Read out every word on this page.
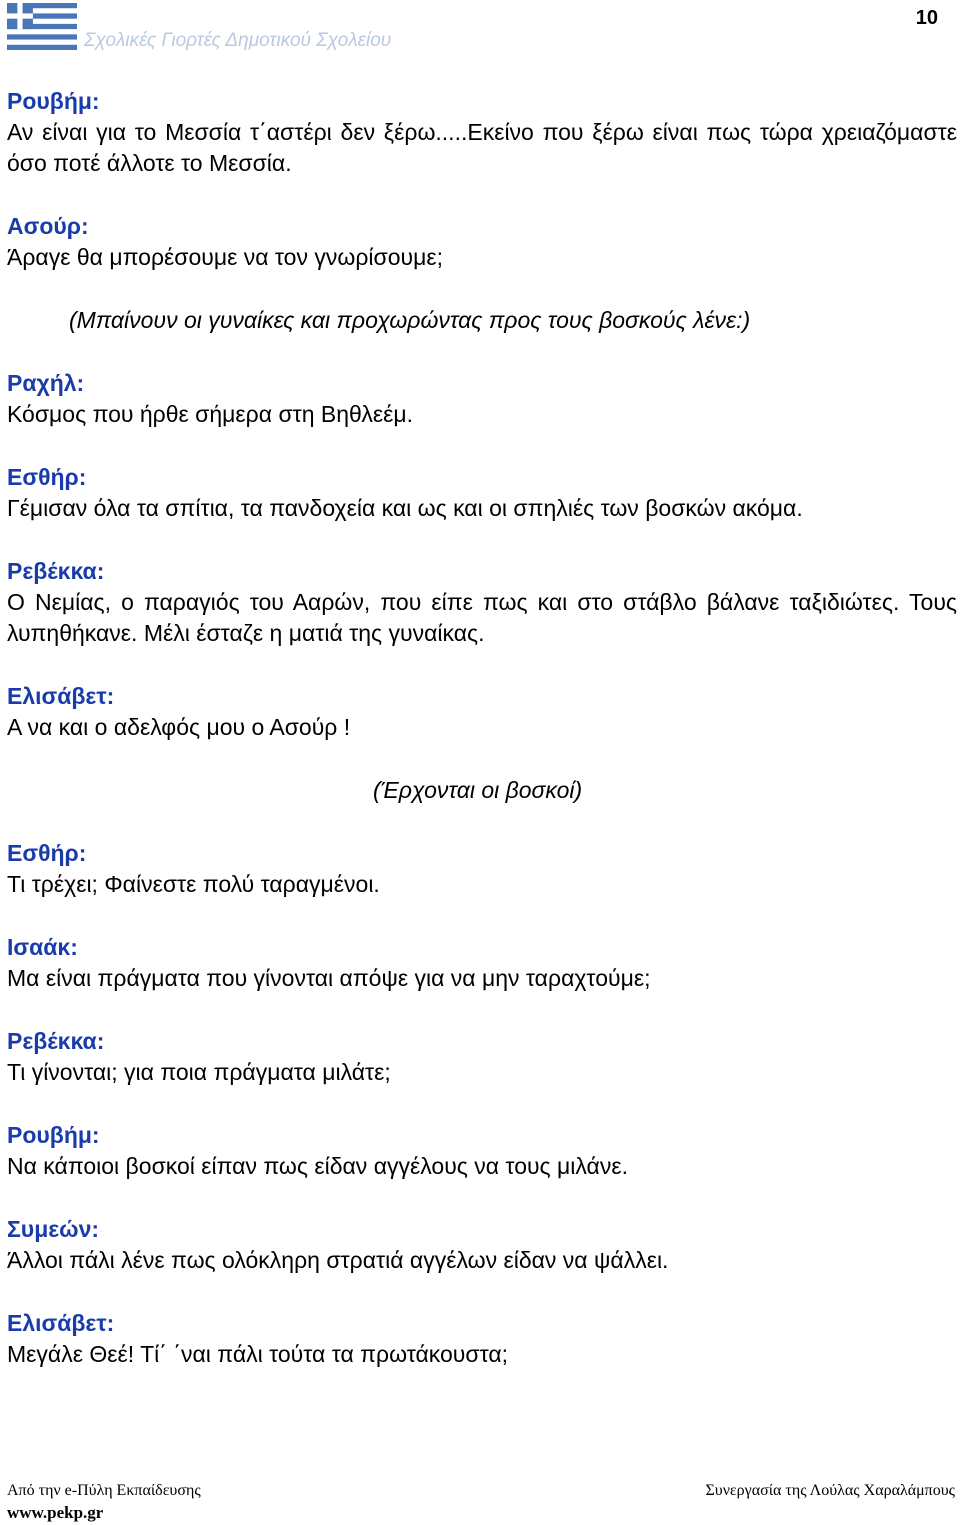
Σχολικές Γιορτές Δημοτικού Σχολείου
10
Ρουβήμ:
Αν είναι για το Μεσσία τ΄αστέρι δεν ξέρω.....Εκείνο που ξέρω είναι πως τώρα χρειαζόμαστε όσο ποτέ άλλοτε το Μεσσία.
Ασούρ:
Άραγε θα μπορέσουμε να τον γνωρίσουμε;
(Μπαίνουν οι γυναίκες και προχωρώντας προς τους βοσκούς λένε:)
Ραχήλ:
Κόσμος που ήρθε σήμερα στη Βηθλεέμ.
Εσθήρ:
Γέμισαν όλα τα σπίτια, τα πανδοχεία και ως και οι σπηλιές των βοσκών ακόμα.
Ρεβέκκα:
Ο Νεμίας, ο παραγιός του Ααρών, που είπε πως και στο στάβλο βάλανε ταξιδιώτες. Τους λυπηθήκανε. Μέλι έσταζε η ματιά της γυναίκας.
Ελισάβετ:
Α να και ο αδελφός μου ο Ασούρ !
(Έρχονται οι βοσκοί)
Εσθήρ:
Τι τρέχει; Φαίνεστε πολύ ταραγμένοι.
Ισαάκ:
Μα είναι πράγματα που γίνονται απόψε για να μην ταραχτούμε;
Ρεβέκκα:
Τι γίνονται; για ποια πράγματα μιλάτε;
Ρουβήμ:
Να κάποιοι βοσκοί είπαν πως είδαν αγγέλους να τους μιλάνε.
Συμεών:
Άλλοι πάλι λένε πως ολόκληρη στρατιά αγγέλων είδαν να ψάλλει.
Ελισάβετ:
Μεγάλε Θεέ! Τί΄ ΄ναι πάλι τούτα τα πρωτάκουστα;
Από την e-Πύλη Εκπαίδευσης
www.pekp.gr
Συνεργασία της Λούλας Χαραλάμπους
